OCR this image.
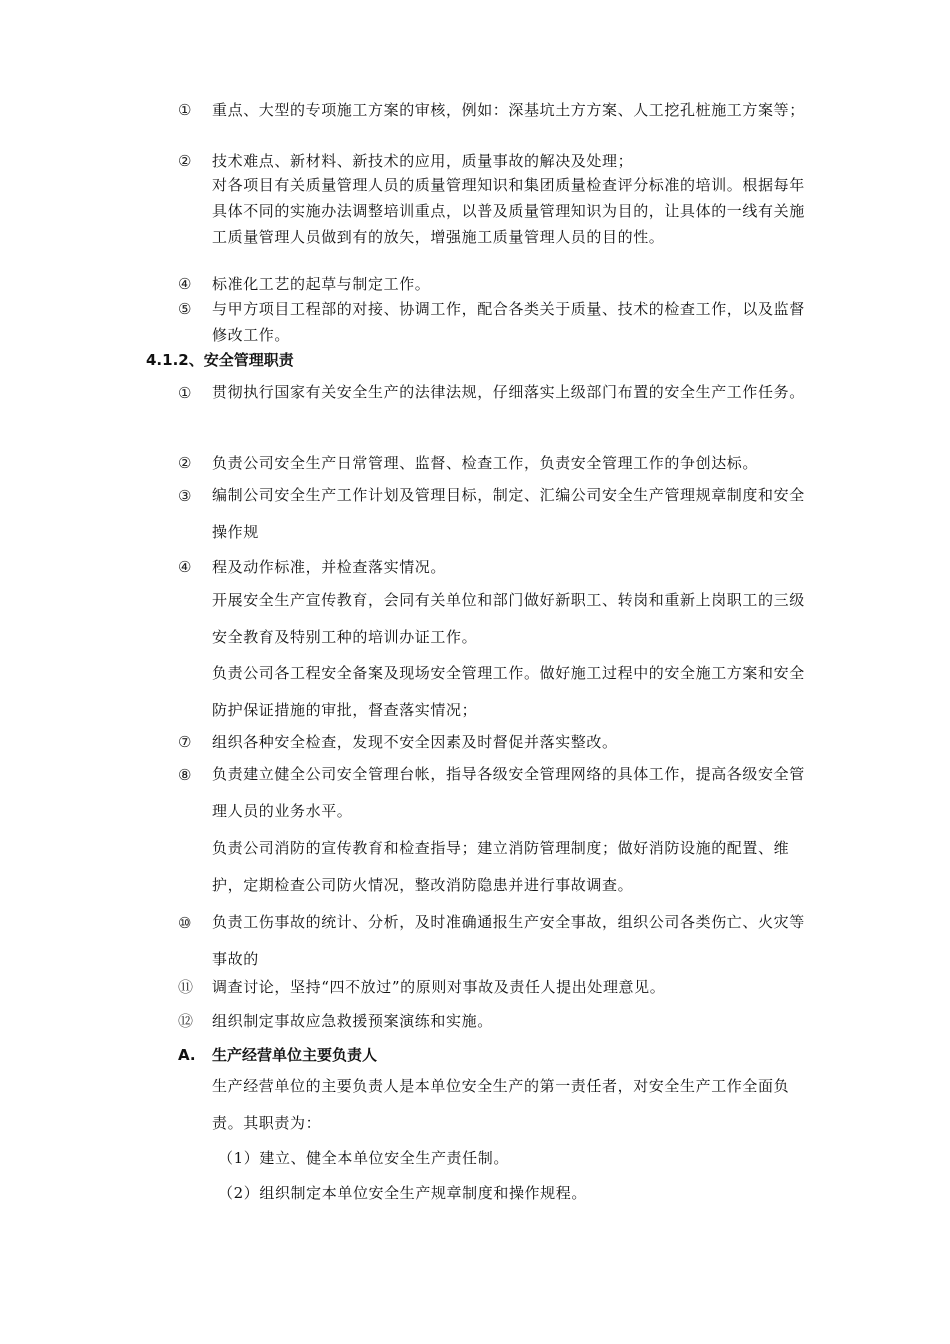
① 重点、大型的专项施工方案的审核，例如：深基坑土方方案、人工挖孔桩施工方案等；
② 技术难点、新材料、新技术的应用，质量事故的解决及处理；
对各项目有关质量管理人员的质量管理知识和集团质量检查评分标准的培训。根据每年具体不同的实施办法调整培训重点，以普及质量管理知识为目的，让具体的一线有关施工质量管理人员做到有的放矢，增强施工质量管理人员的目的性。
④ 标准化工艺的起草与制定工作。
⑤ 与甲方项目工程部的对接、协调工作，配合各类关于质量、技术的检查工作，以及监督修改工作。
4.1.2、安全管理职责
① 贯彻执行国家有关安全生产的法律法规，仔细落实上级部门布置的安全生产工作任务。
② 负责公司安全生产日常管理、监督、检查工作，负责安全管理工作的争创达标。
③ 编制公司安全生产工作计划及管理目标，制定、汇编公司安全生产管理规章制度和安全操作规
④ 程及动作标准，并检查落实情况。
开展安全生产宣传教育，会同有关单位和部门做好新职工、转岗和重新上岗职工的三级安全教育及特别工种的培训办证工作。
负责公司各工程安全备案及现场安全管理工作。做好施工过程中的安全施工方案和安全防护保证措施的审批，督查落实情况；
⑦ 组织各种安全检查，发现不安全因素及时督促并落实整改。
⑧ 负责建立健全公司安全管理台帐，指导各级安全管理网络的具体工作，提高各级安全管理人员的业务水平。
负责公司消防的宣传教育和检查指导；建立消防管理制度；做好消防设施的配置、维护，定期检查公司防火情况，整改消防隐患并进行事故调查。
⑩ 负责工伤事故的统计、分析，及时准确通报生产安全事故，组织公司各类伤亡、火灾等事故的
⑪ 调查讨论，坚持“四不放过”的原则对事故及责任人提出处理意见。
⑫ 组织制定事故应急救援预案演练和实施。
A. 生产经营单位主要负责人
生产经营单位的主要负责人是本单位安全生产的第一责任者，对安全生产工作全面负责。其职责为：
（1）建立、健全本单位安全生产责任制。
（2）组织制定本单位安全生产规章制度和操作规程。
